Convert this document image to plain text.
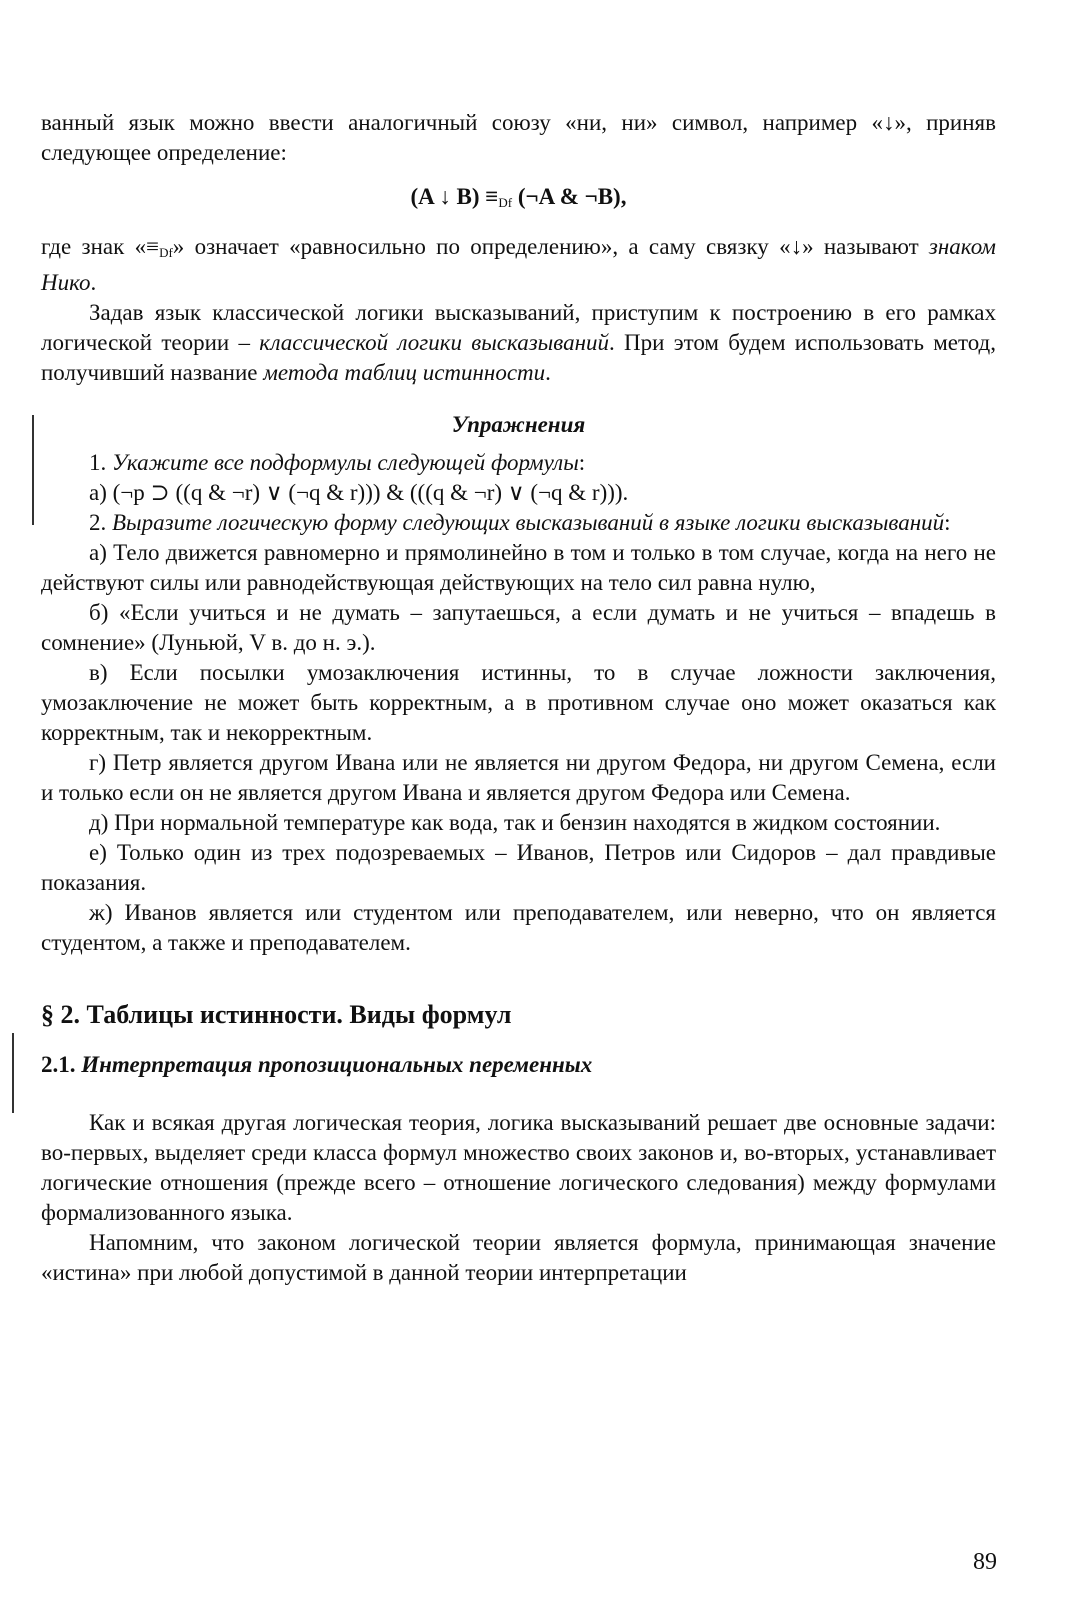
ванный язык можно ввести аналогичный союзу «ни, ни» символ, например «↓», приняв следующее определение:

(A ↓ $B) \equiv_{Df}$ (¬A & ¬B),

где знак «≡Df» означает «равносильно по определению», а саму связку «↓» называют знаком Нико.

Задав язык классической логики высказываний, приступим к построению в его рамках логической теории – классической логики высказываний. При этом будем использовать метод, получивший название метода таблиц истинности.

Упражнения

1. Укажите все подформулы следующей формулы:

а) (¬p ⊃ ((q & ¬r) ∨ (¬q & r))) & (((q & ¬r) ∨ (¬q & r))).

2. Выразите логическую форму следующих высказываний в языке логики высказываний:

а) Тело движется равномерно и прямолинейно в том и только в том случае, когда на него не действуют силы или равнодействующая действующих на тело сил равна нулю,

б) «Если учиться и не думать – запутаешься, а если думать и не учиться – впадешь в сомнение» (Луньюй, V в. до н. э.).

в) Если посылки умозаключения истинны, то в случае ложности заключения, умозаключение не может быть корректным, а в противном случае оно может оказаться как корректным, так и некорректным.

г) Петр является другом Ивана или не является ни другом Федора, ни другом Семена, если и только если он не является другом Ивана и является другом Федора или Семена.

д) При нормальной температуре как вода, так и бензин находятся в жидком состоянии.

е) Только один из трех подозреваемых – Иванов, Петров или Сидоров – дал правдивые показания.

ж) Иванов является или студентом или преподавателем, или неверно, что он является студентом, а также и преподавателем.

§ 2. Таблицы истинности. Виды формул
2.1. Интерпретация пропозициональных переменных

Как и всякая другая логическая теория, логика высказываний решает две основные задачи: во-первых, выделяет среди класса формул множество своих законов и, во-вторых, устанавливает логические отношения (прежде всего – отношение логического следования) между формулами формализованного языка.

Напомним, что законом логической теории является формула, принимающая значение «истина» при любой допустимой в данной теории интерпретации

89
